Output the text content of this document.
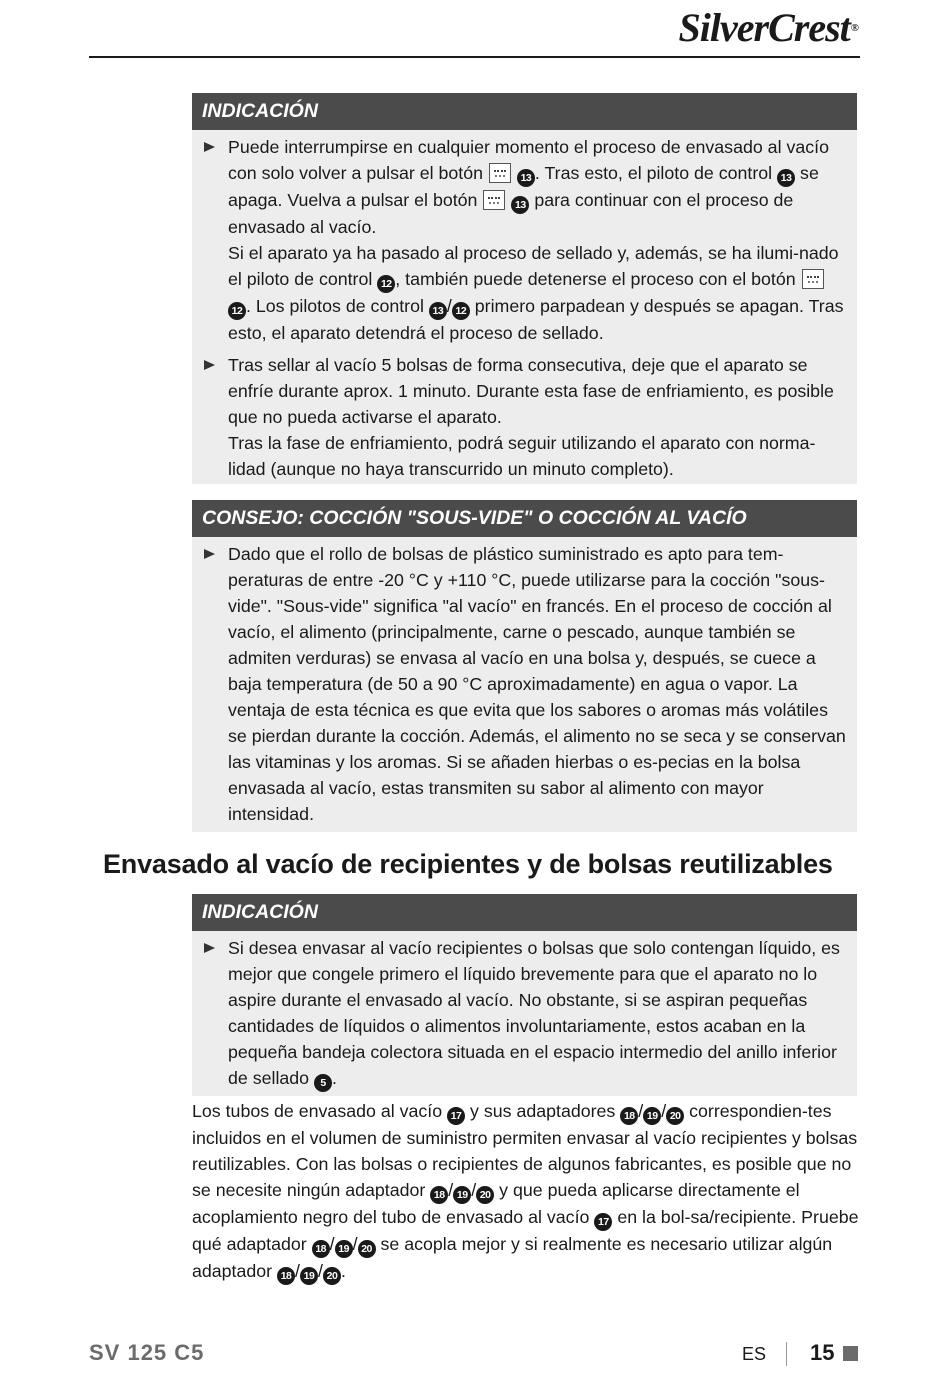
SilverCrest®
INDICACIÓN

Puede interrumpirse en cualquier momento el proceso de envasado al vacío con solo volver a pulsar el botón	13 . Tras esto, el piloto de control 13 se apaga. Vuelva a pulsar el botón	13 para continuar con el proceso de envasado al vacío.
Si el aparato ya ha pasado al proceso de sellado y, además, se ha ilumi-nado el piloto de control 12 , también puede detenerse el proceso con el botón  12 . Los pilotos de control 13 / 12 primero parpadean y después se apagan. Tras esto, el aparato detendrá el proceso de sellado.

Tras sellar al vacío 5 bolsas de forma consecutiva, deje que el aparato se enfríe durante aprox. 1 minuto. Durante esta fase de enfriamiento, es posible que no pueda activarse el aparato.
Tras la fase de enfriamiento, podrá seguir utilizando el aparato con norma-lidad (aunque no haya transcurrido un minuto completo).

CONSEJO: COCCIÓN "SOUS-VIDE" O COCCIÓN AL VACÍO

Dado que el rollo de bolsas de plástico suministrado es apto para tem-peraturas de entre -20 °C y +110 °C, puede utilizarse para la cocción "sous-vide". "Sous-vide" significa "al vacío" en francés. En el proceso de cocción al vacío, el alimento (principalmente, carne o pescado, aunque también se admiten verduras) se envasa al vacío en una bolsa y, después, se cuece a baja temperatura (de 50 a 90 °C aproximadamente) en agua o vapor. La ventaja de esta técnica es que evita que los sabores o aromas más volátiles se pierdan durante la cocción. Además, el alimento no se seca y se conservan las vitaminas y los aromas. Si se añaden hierbas o es-pecias en la bolsa envasada al vacío, estas transmiten su sabor al alimento con mayor intensidad.

Envasado al vacío de recipientes y de bolsas reutilizables
INDICACIÓN

Si desea envasar al vacío recipientes o bolsas que solo contengan líquido, es mejor que congele primero el líquido brevemente para que el aparato no lo aspire durante el envasado al vacío. No obstante, si se aspiran pequeñas cantidades de líquidos o alimentos involuntariamente, estos acaban en la pequeña bandeja colectora situada en el espacio intermedio del anillo inferior de sellado 5 .

Los tubos de envasado al vacío 17 y sus adaptadores 18 / 19 / 20 correspondien-tes incluidos en el volumen de suministro permiten envasar al vacío recipientes y bolsas reutilizables. Con las bolsas o recipientes de algunos fabricantes, es posible que no se necesite ningún adaptador 18 / 19 / 20 y que pueda aplicarse directamente el acoplamiento negro del tubo de envasado al vacío 17 en la bol-sa/recipiente. Pruebe qué adaptador 18 / 19 / 20 se acopla mejor y si realmente es necesario utilizar algún adaptador 18 / 19 / 20 .

SV 125 C5	ES 15
